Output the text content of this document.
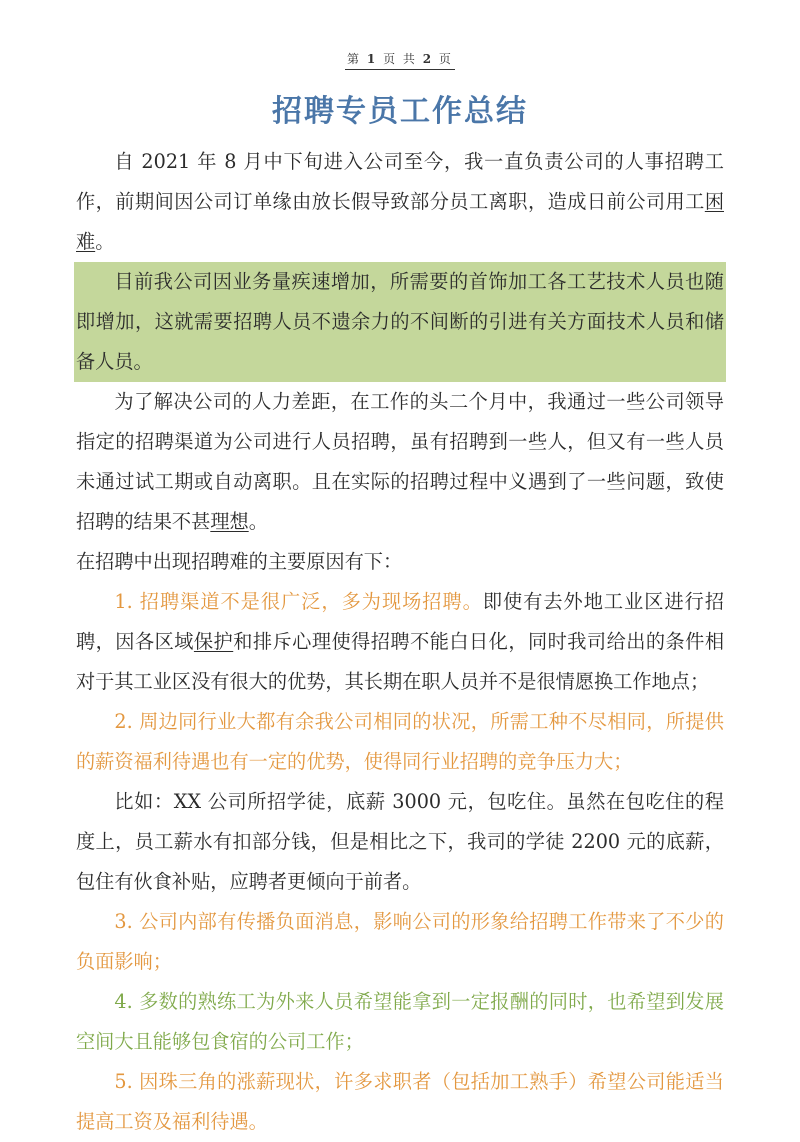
第 1 页 共 2 页
招聘专员工作总结

自 2021 年 8 月中下旬进入公司至今，我一直负责公司的人事招聘工作，前期间因公司订单缘由放长假导致部分员工离职，造成日前公司用工困难。

目前我公司因业务量疾速增加，所需要的首饰加工各工艺技术人员也随即增加，这就需要招聘人员不遗余力的不间断的引进有关方面技术人员和储备人员。

为了解决公司的人力差距，在工作的头二个月中，我通过一些公司领导指定的招聘渠道为公司进行人员招聘，虽有招聘到一些人，但又有一些人员未通过试工期或自动离职。且在实际的招聘过程中义遇到了一些问题，致使招聘的结果不甚理想。

在招聘中出现招聘难的主要原因有下：

1. 招聘渠道不是很广泛，多为现场招聘。即使有去外地工业区进行招聘，因各区域保护和排斥心理使得招聘不能白日化，同时我司给出的条件相对于其工业区没有很大的优势，其长期在职人员并不是很情愿换工作地点；

2. 周边同行业大都有余我公司相同的状况，所需工种不尽相同，所提供的薪资福利待遇也有一定的优势，使得同行业招聘的竞争压力大；

比如：XX 公司所招学徒，底薪 3000 元，包吃住。虽然在包吃住的程度上，员工薪水有扣部分钱，但是相比之下，我司的学徒 2200 元的底薪，包住有伙食补贴，应聘者更倾向于前者。

3. 公司内部有传播负面消息，影响公司的形象给招聘工作带来了不少的负面影响；

4. 多数的熟练工为外来人员希望能拿到一定报酬的同时，也希望到发展空间大且能够包食宿的公司工作；

5. 因珠三角的涨薪现状，许多求职者（包括加工熟手）希望公司能适当提高工资及福利待遇。
